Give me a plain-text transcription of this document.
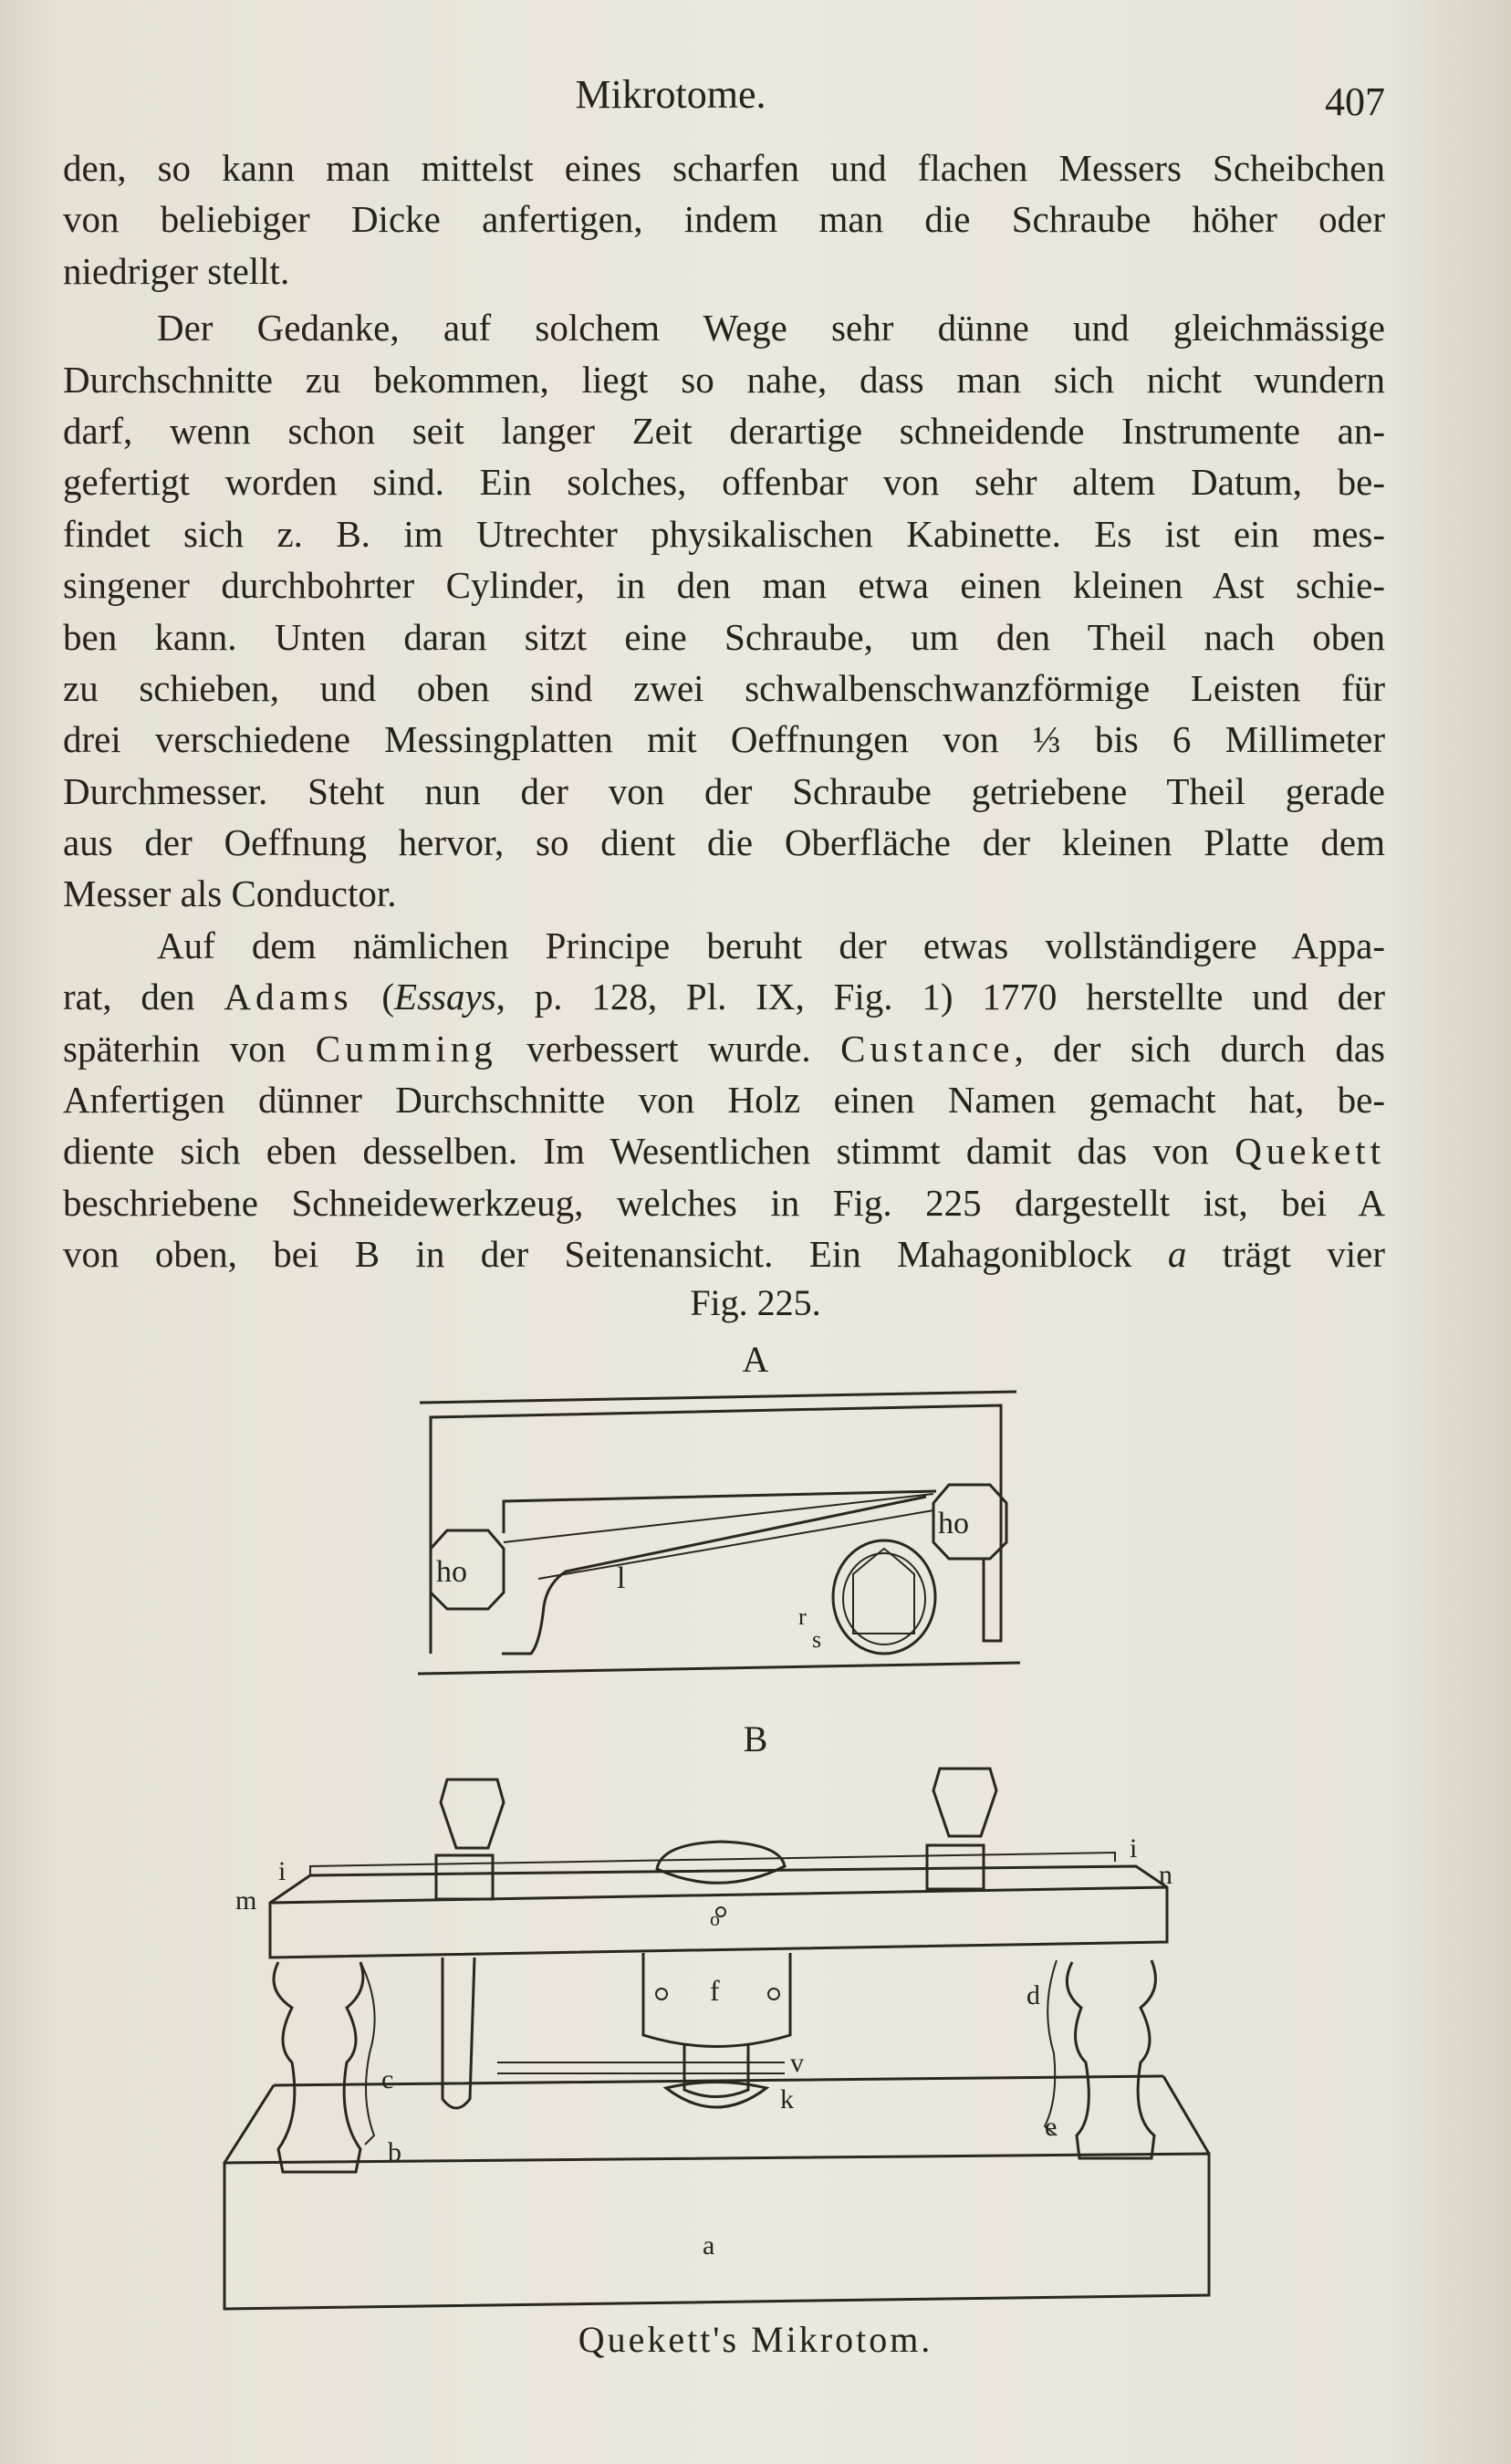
Mikrotome.	407
den, so kann man mittelst eines scharfen und flachen Messers Scheibchen
von beliebiger Dicke anfertigen, indem man die Schraube höher oder
niedriger stellt.
Der Gedanke, auf solchem Wege sehr dünne und gleichmässige
Durchschnitte zu bekommen, liegt so nahe, dass man sich nicht wundern
darf, wenn schon seit langer Zeit derartige schneidende Instrumente an-
gefertigt worden sind. Ein solches, offenbar von sehr altem Datum, be-
findet sich z. B. im Utrechter physikalischen Kabinette. Es ist ein mes-
singener durchbohrter Cylinder, in den man etwa einen kleinen Ast schie-
ben kann. Unten daran sitzt eine Schraube, um den Theil nach oben
zu schieben, und oben sind zwei schwalbenschwanzförmige Leisten für
drei verschiedene Messingplatten mit Oeffnungen von ⅓ bis 6 Millimeter
Durchmesser. Steht nun der von der Schraube getriebene Theil gerade
aus der Oeffnung hervor, so dient die Oberfläche der kleinen Platte dem
Messer als Conductor.
Auf dem nämlichen Principe beruht der etwas vollständigere Appa-
rat, den Adams (Essays, p. 128, Pl. IX, Fig. 1) 1770 herstellte und der
späterhin von Cumming verbessert wurde. Custance, der sich durch das
Anfertigen dünner Durchschnitte von Holz einen Namen gemacht hat, be-
diente sich eben desselben. Im Wesentlichen stimmt damit das von Quekett
beschriebene Schneidewerkzeug, welches in Fig. 225 dargestellt ist, bei A
von oben, bei B in der Seitenansicht. Ein Mahagoniblock a trägt vier
Fig. 225.
A
B
Quekett's Mikrotom.
ho
ho
l
r
s
i
m
i
n
o
f	d
c
v
k
e
b
a
